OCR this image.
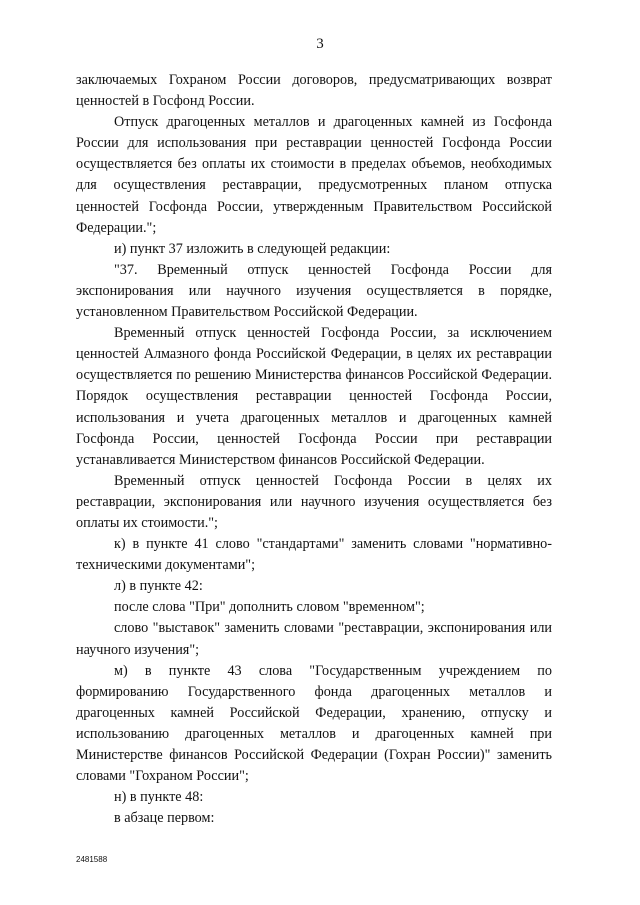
3

заключаемых Гохраном России договоров, предусматривающих возврат ценностей в Госфонд России.

Отпуск драгоценных металлов и драгоценных камней из Госфонда России для использования при реставрации ценностей Госфонда России осуществляется без оплаты их стоимости в пределах объемов, необходимых для осуществления реставрации, предусмотренных планом отпуска ценностей Госфонда России, утвержденным Правительством Российской Федерации.";

и) пункт 37 изложить в следующей редакции:

"37. Временный отпуск ценностей Госфонда России для экспонирования или научного изучения осуществляется в порядке, установленном Правительством Российской Федерации.

Временный отпуск ценностей Госфонда России, за исключением ценностей Алмазного фонда Российской Федерации, в целях их реставрации осуществляется по решению Министерства финансов Российской Федерации. Порядок осуществления реставрации ценностей Госфонда России, использования и учета драгоценных металлов и драгоценных камней Госфонда России, ценностей Госфонда России при реставрации устанавливается Министерством финансов Российской Федерации.

Временный отпуск ценностей Госфонда России в целях их реставрации, экспонирования или научного изучения осуществляется без оплаты их стоимости.";

к) в пункте 41 слово "стандартами" заменить словами "нормативно-техническими документами";

л) в пункте 42:

после слова "При" дополнить словом "временном";

слово "выставок" заменить словами "реставрации, экспонирования или научного изучения";

м) в пункте 43 слова "Государственным учреждением по формированию Государственного фонда драгоценных металлов и драгоценных камней Российской Федерации, хранению, отпуску и использованию драгоценных металлов и драгоценных камней при Министерстве финансов Российской Федерации (Гохран России)" заменить словами "Гохраном России";

н) в пункте 48:

в абзаце первом:

2481588
